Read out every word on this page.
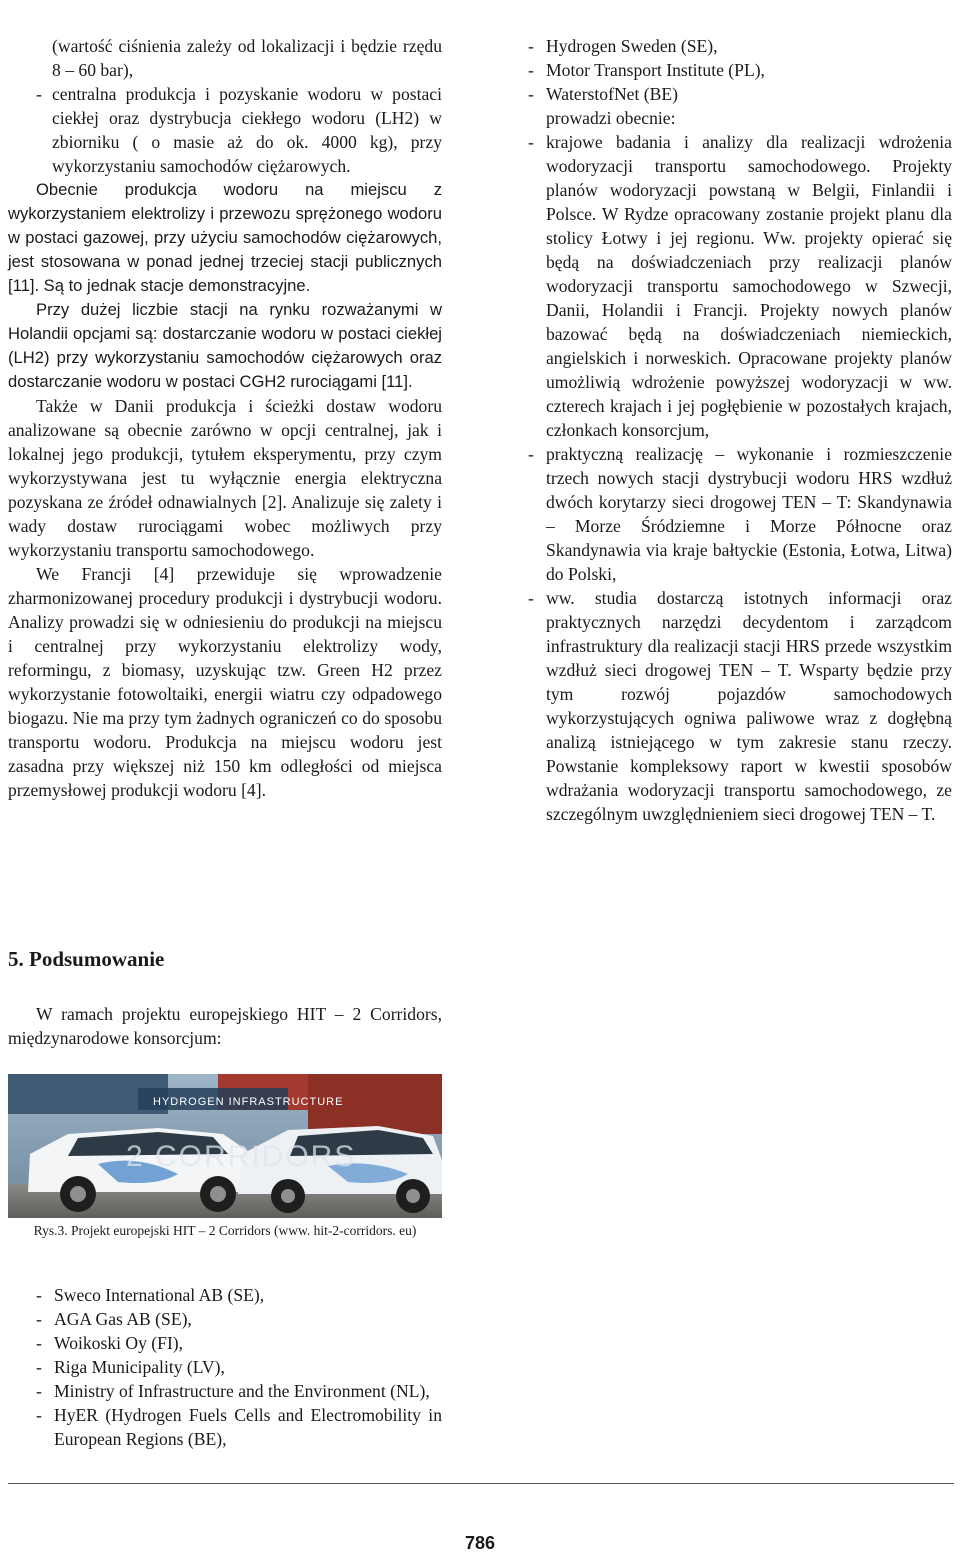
(wartość ciśnienia zależy od lokalizacji i będzie rzędu 8 – 60 bar),

- centralna produkcja i pozyskanie wodoru w postaci ciekłej oraz dystrybucja ciekłego wodoru (LH2) w zbiorniku ( o masie aż do ok. 4000 kg), przy wykorzystaniu samochodów ciężarowych.

Obecnie produkcja wodoru na miejscu z wykorzystaniem elektrolizy i przewozu sprężonego wodoru w postaci gazowej, przy użyciu samochodów ciężarowych, jest stosowana w ponad jednej trzeciej stacji publicznych [11]. Są to jednak stacje demonstracyjne.

Przy dużej liczbie stacji na rynku rozważanymi w Holandii opcjami są: dostarczanie wodoru w postaci ciekłej (LH2) przy wykorzystaniu samochodów ciężarowych oraz dostarczanie wodoru w postaci CGH2 rurociągami [11].

Także w Danii produkcja i ścieżki dostaw wodoru analizowane są obecnie zarówno w opcji centralnej, jak i lokalnej jego produkcji, tytułem eksperymentu, przy czym wykorzystywana jest tu wyłącznie energia elektryczna pozyskana ze źródeł odnawialnych [2]. Analizuje się zalety i wady dostaw rurociągami wobec możliwych przy wykorzystaniu transportu samochodowego.

We Francji [4] przewiduje się wprowadzenie zharmonizowanej procedury produkcji i dystrybucji wodoru. Analizy prowadzi się w odniesieniu do produkcji na miejscu i centralnej przy wykorzystaniu elektrolizy wody, reformingu, z biomasy, uzyskując tzw. Green H2 przez wykorzystanie fotowoltaiki, energii wiatru czy odpadowego biogazu. Nie ma przy tym żadnych ograniczeń co do sposobu transportu wodoru. Produkcja na miejscu wodoru jest zasadna przy większej niż 150 km odległości od miejsca przemysłowej produkcji wodoru [4].

5. Podsumowanie

W ramach projektu europejskiego HIT – 2 Corridors, międzynarodowe konsorcjum:

HYDROGEN INFRASTRUCTURE
2 CORRIDORS
Rys.3. Projekt europejski HIT – 2 Corridors (www. hit-2-corridors. eu)
- Sweco International AB (SE),
- AGA Gas AB (SE),
- Woikoski Oy (FI),
- Riga Municipality (LV),
- Ministry of Infrastructure and the Environment (NL),
- HyER (Hydrogen Fuels Cells and Electromobility in European Regions (BE),
- Hydrogen Sweden (SE),
- Motor Transport Institute (PL),
- WaterstofNet (BE)

prowadzi obecnie:

- krajowe badania i analizy dla realizacji wdrożenia wodoryzacji transportu samochodowego. Projekty planów wodoryzacji powstaną w Belgii, Finlandii i Polsce. W Rydze opracowany zostanie projekt planu dla stolicy Łotwy i jej regionu. Ww. projekty opierać się będą na doświadczeniach przy realizacji planów wodoryzacji transportu samochodowego w Szwecji, Danii, Holandii i Francji. Projekty nowych planów bazować będą na doświadczeniach niemieckich, angielskich i norweskich. Opracowane projekty planów umożliwią wdrożenie powyższej wodoryzacji w ww. czterech krajach i jej pogłębienie w pozostałych krajach, członkach konsorcjum,
- praktyczną realizację – wykonanie i rozmieszczenie trzech nowych stacji dystrybucji wodoru HRS wzdłuż dwóch korytarzy sieci drogowej TEN – T: Skandynawia – Morze Śródziemne i Morze Północne oraz Skandynawia via kraje bałtyckie (Estonia, Łotwa, Litwa) do Polski,
- ww. studia dostarczą istotnych informacji oraz praktycznych narzędzi decydentom i zarządcom infrastruktury dla realizacji stacji HRS przede wszystkim wzdłuż sieci drogowej TEN – T. Wsparty będzie przy tym rozwój pojazdów samochodowych wykorzystujących ogniwa paliwowe wraz z dogłębną analizą istniejącego w tym zakresie stanu rzeczy. Powstanie kompleksowy raport w kwestii sposobów wdrażania wodoryzacji transportu samochodowego, ze szczególnym uwzględnieniem sieci drogowej TEN – T.
786
